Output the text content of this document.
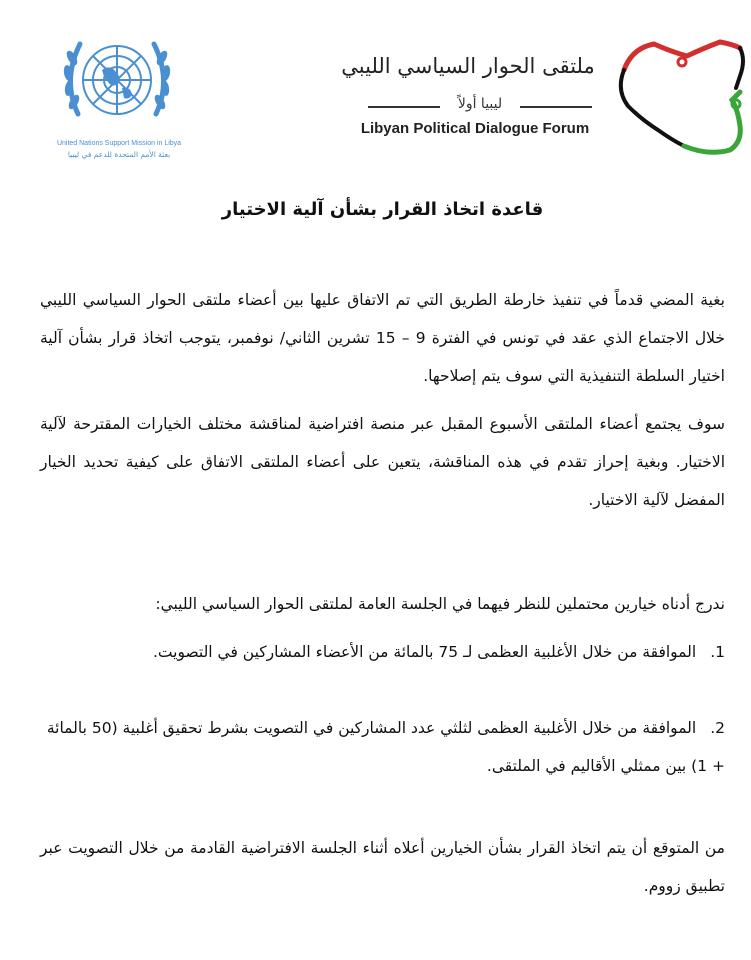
United Nations Support Mission in Libya
بعثة الأمم المتحدة للدعم في ليبيا
ملتقى الحوار السياسي الليبي
ليبيا أولاً
Libyan Political Dialogue Forum
قاعدة اتخاذ القرار بشأن آلية الاختيار

بغية المضي قدماً في تنفيذ خارطة الطريق التي تم الاتفاق عليها بين أعضاء ملتقى الحوار السياسي الليبي خلال الاجتماع الذي عقد في تونس في الفترة 9 – 15 تشرين الثاني/ نوفمبر، يتوجب اتخاذ قرار بشأن آلية اختيار السلطة التنفيذية التي سوف يتم إصلاحها.

سوف يجتمع أعضاء الملتقى الأسبوع المقبل عبر منصة افتراضية لمناقشة مختلف الخيارات المقترحة لآلية الاختيار. وبغية إحراز تقدم في هذه المناقشة، يتعين على أعضاء الملتقى الاتفاق على كيفية تحديد الخيار المفضل لآلية الاختيار.

ندرج أدناه خيارين محتملين للنظر فيهما في الجلسة العامة لملتقى الحوار السياسي الليبي:

1.الموافقة من خلال الأغلبية العظمى لـ 75 بالمائة من الأعضاء المشاركين في التصويت.
2.الموافقة من خلال الأغلبية العظمى لثلثي عدد المشاركين في التصويت بشرط تحقيق أغلبية (50 بالمائة + 1) بين ممثلي الأقاليم في الملتقى.

من المتوقع أن يتم اتخاذ القرار بشأن الخيارين أعلاه أثناء الجلسة الافتراضية القادمة من خلال التصويت عبر تطبيق زووم.
